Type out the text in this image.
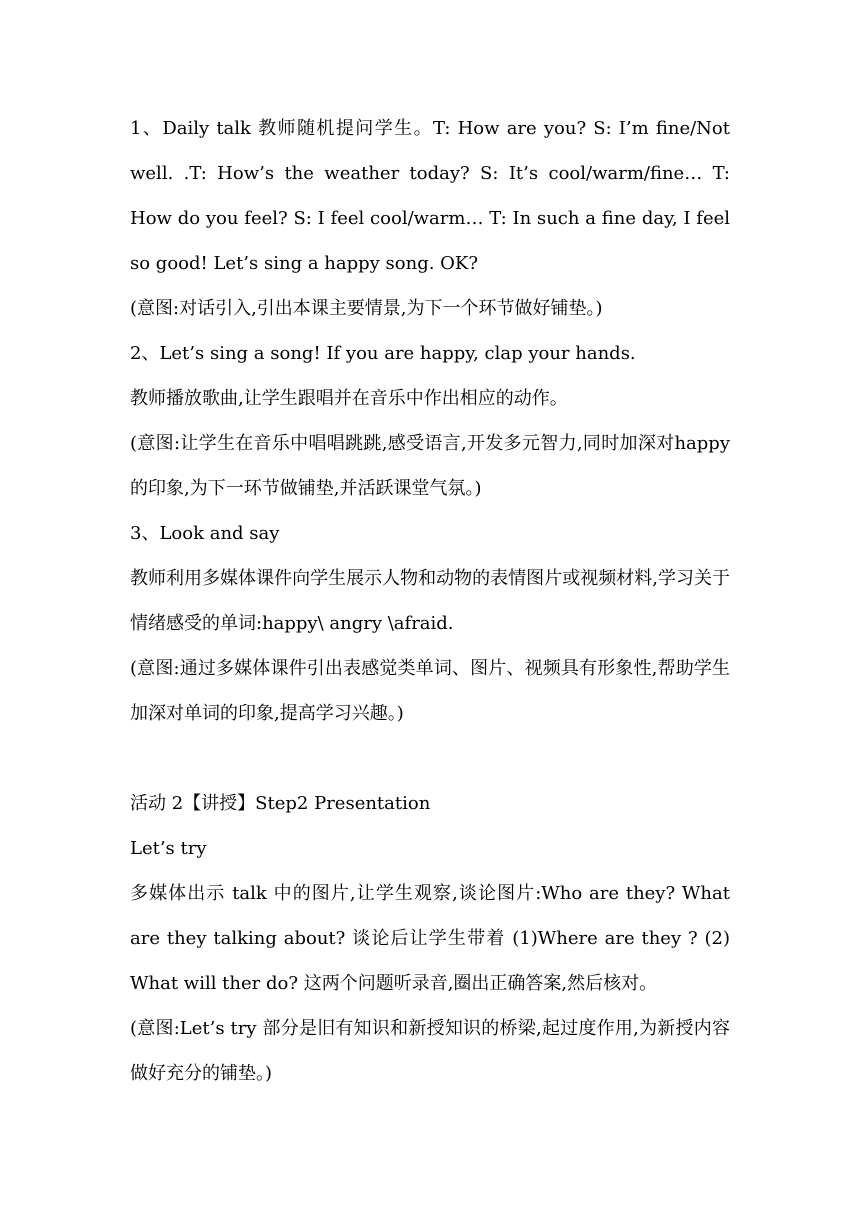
1、Daily talk 教师随机提问学生。T: How are you? S: I’m fine/Not well. .T: How’s the weather today? S: It’s cool/warm/fine… T: How do you feel? S: I feel cool/warm… T: In such a fine day, I feel so good! Let’s sing a happy song. OK?

(意图:对话引入,引出本课主要情景,为下一个环节做好铺垫。)

2、Let’s sing a song! If you are happy, clap your hands.

教师播放歌曲,让学生跟唱并在音乐中作出相应的动作。

(意图:让学生在音乐中唱唱跳跳,感受语言,开发多元智力,同时加深对happy的印象,为下一环节做铺垫,并活跃课堂气氛。)

3、Look and say

教师利用多媒体课件向学生展示人物和动物的表情图片或视频材料,学习关于情绪感受的单词:happy\ angry \afraid.

(意图:通过多媒体课件引出表感觉类单词、图片、视频具有形象性,帮助学生加深对单词的印象,提高学习兴趣。)

活动 2【讲授】Step2 Presentation

Let’s try

多媒体出示 talk 中的图片,让学生观察,谈论图片:Who are they? What are they talking about? 谈论后让学生带着 (1)Where are they ? (2) What will ther do? 这两个问题听录音,圈出正确答案,然后核对。

(意图:Let’s try 部分是旧有知识和新授知识的桥梁,起过度作用,为新授内容做好充分的铺垫。)
